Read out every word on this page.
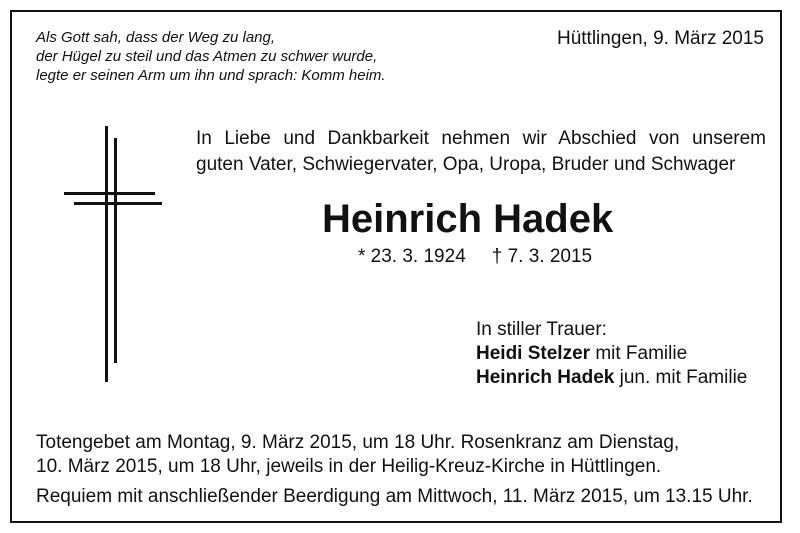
Als Gott sah, dass der Weg zu lang,
der Hügel zu steil und das Atmen zu schwer wurde,
legte er seinen Arm um ihn und sprach: Komm heim.
Hüttlingen, 9. März 2015
In Liebe und Dankbarkeit nehmen wir Abschied von unserem
guten Vater, Schwiegervater, Opa, Uropa, Bruder und Schwager
Heinrich Hadek
* 23. 3. 1924 † 7. 3. 2015
In stiller Trauer:
Heidi Stelzer mit Familie
Heinrich Hadek jun. mit Familie
Totengebet am Montag, 9. März 2015, um 18 Uhr. Rosenkranz am Dienstag,
10. März 2015, um 18 Uhr, jeweils in der Heilig-Kreuz-Kirche in Hüttlingen.
Requiem mit anschließender Beerdigung am Mittwoch, 11. März 2015, um 13.15 Uhr.
